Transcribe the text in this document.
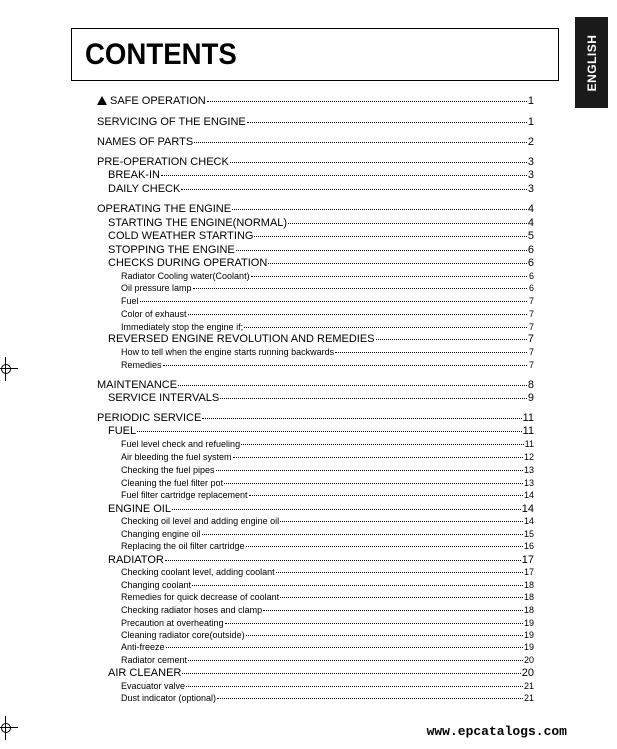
CONTENTS	ENGLISH
SAFE OPERATION	1
SERVICING OF THE ENGINE	1
NAMES OF PARTS	2
PRE-OPERATION CHECK	3
BREAK-IN	3
DAILY CHECK	3
OPERATING THE ENGINE	4
STARTING THE ENGINE(NORMAL)	4
COLD WEATHER STARTING	5
STOPPING THE ENGINE	6
CHECKS DURING OPERATION	6
Radiator Cooling water(Coolant)	6
Oil pressure lamp	6
Fuel	7
Color of exhaust	7
Immediately stop the engine if;	7
REVERSED ENGINE REVOLUTION AND REMEDIES	7
How to tell when the engine starts running backwards	7
Remedies	7
MAINTENANCE	8
SERVICE INTERVALS	9
PERIODIC SERVICE	11
FUEL	11
Fuel level check and refueling	11
Air bleeding the fuel system	12
Checking the fuel pipes	13
Cleaning the fuel filter pot	13
Fuel filter cartridge replacement	14
ENGINE OIL	14
Checking oil level and adding engine oil	14
Changing engine oil	15
Replacing the oil filter cartridge	16
RADIATOR	17
Checking coolant level, adding coolant	17
Changing coolant	18
Remedies for quick decrease of coolant	18
Checking radiator hoses and clamp	18
Precaution at overheating	19
Cleaning radiator core(outside)	19
Anti-freeze	19
Radiator cement	20
AIR CLEANER	20
Evacuator valve	21
Dust indicator (optional)	21
www.epcatalogs.com
